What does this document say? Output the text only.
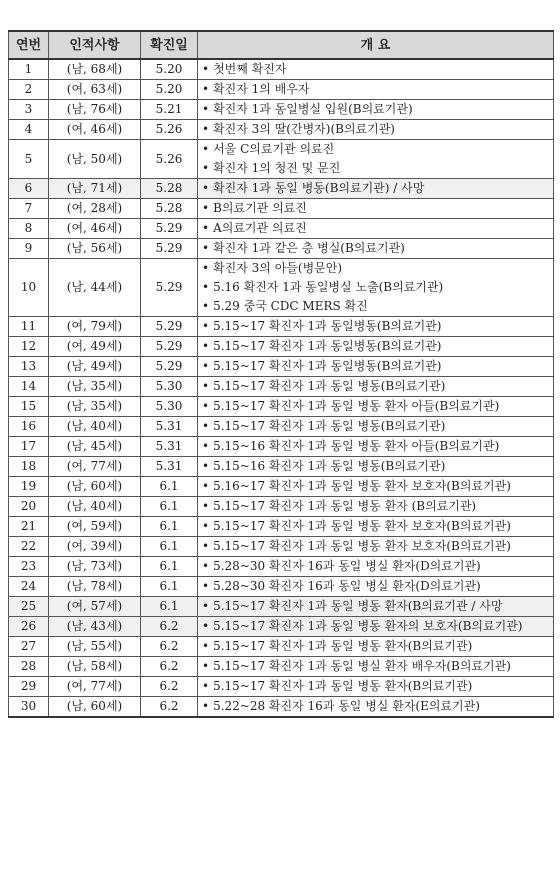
연번	인적사항	확진일	개 요
1	(남, 68세)	5.20	• 첫번째 확진자

2	(여, 63세)	5.20	• 확진자 1의 배우자

3	(남, 76세)	5.21	• 확진자 1과 동일병실 입원(B의료기관)

4	(여, 46세)	5.26	• 확진자 3의 딸(간병자)(B의료기관)

5	(남, 50세)	5.26	• 서울 C의료기관 의료진
• 확진자 1의 청진 및 문진

6	(남, 71세)	5.28	• 확진자 1과 동일 병동(B의료기관) / 사망

7	(여, 28세)	5.28	• B의료기관 의료진

8	(여, 46세)	5.29	• A의료기관 의료진

9	(남, 56세)	5.29	• 확진자 1과 같은 층 병실(B의료기관)

10	(남, 44세)	5.29	• 확진자 3의 아들(병문안)
• 5.16 확진자 1과 동일병실 노출(B의료기관)
• 5.29 중국 CDC MERS 확진

11	(여, 79세)	5.29	• 5.15~17 확진자 1과 동일병동(B의료기관)

12	(여, 49세)	5.29	• 5.15~17 확진자 1과 동일병동(B의료기관)

13	(남, 49세)	5.29	• 5.15~17 확진자 1과 동일병동(B의료기관)

14	(남, 35세)	5.30	• 5.15~17 확진자 1과 동일 병동(B의료기관)

15	(남, 35세)	5.30	• 5.15~17 확진자 1과 동일 병동 환자 아들(B의료기관)

16	(남, 40세)	5.31	• 5.15~17 확진자 1과 동일 병동(B의료기관)

17	(남, 45세)	5.31	• 5.15~16 확진자 1과 동일 병동 환자 아들(B의료기관)

18	(여, 77세)	5.31	• 5.15~16 확진자 1과 동일 병동(B의료기관)

19	(남, 60세)	6.1	• 5.16~17 확진자 1과 동일 병동 환자 보호자(B의료기관)

20	(남, 40세)	6.1	• 5.15~17 확진자 1과 동일 병동 환자 (B의료기관)

21	(여, 59세)	6.1	• 5.15~17 확진자 1과 동일 병동 환자 보호자(B의료기관)

22	(여, 39세)	6.1	• 5.15~17 확진자 1과 동일 병동 환자 보호자(B의료기관)

23	(남, 73세)	6.1	• 5.28~30 확진자 16과 동일 병실 환자(D의료기관)

24	(남, 78세)	6.1	• 5.28~30 확진자 16과 동일 병실 환자(D의료기관)

25	(여, 57세)	6.1	• 5.15~17 확진자 1과 동일 병동 환자(B의료기관 / 사망

26	(남, 43세)	6.2	• 5.15~17 확진자 1과 동일 병동 환자의 보호자(B의료기관)

27	(남, 55세)	6.2	• 5.15~17 확진자 1과 동일 병동 환자(B의료기관)

28	(남, 58세)	6.2	• 5.15~17 확진자 1과 동일 병실 환자 배우자(B의료기관)

29	(여, 77세)	6.2	• 5.15~17 확진자 1과 동일 병동 환자(B의료기관)

30	(남, 60세)	6.2	• 5.22~28 확진자 16과 동일 병실 환자(E의료기관)
